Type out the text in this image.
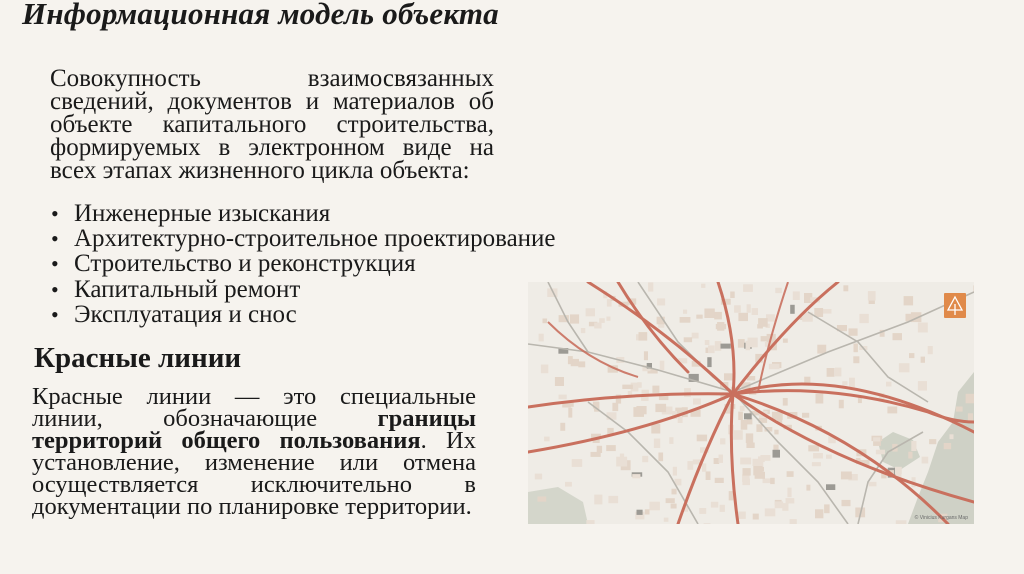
Информационная модель объекта
Совокупность взаимосвязанных сведений, документов и материалов об объекте капитального строительства, формируемых в электронном виде на всех этапах жизненного цикла объекта:
• Инженерные изыскания
• Архитектурно-строительное проектирование
• Строительство и реконструкция
• Капитальный ремонт
• Эксплуатация и снос
Красные линии
Красные линии — это специальные линии, обозначающие границы территорий общего пользования. Их установление, изменение или отмена осуществляется исключительно в документации по планировке территории.	© Vinicius Kurgans Map
